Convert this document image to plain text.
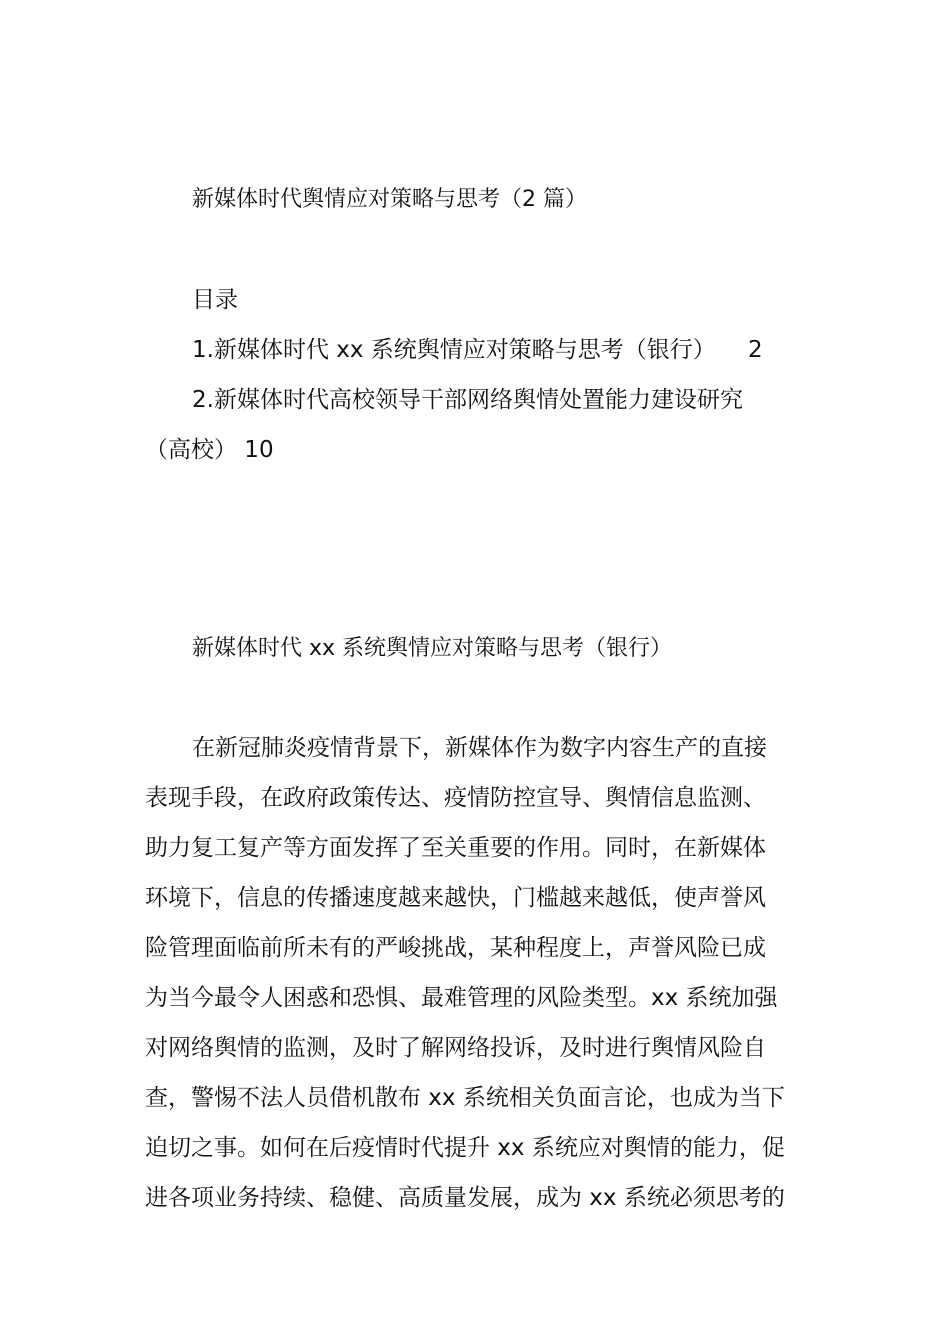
新媒体时代舆情应对策略与思考（2 篇）
目录
1.新媒体时代 xx 系统舆情应对策略与思考（银行） 2
2.新媒体时代高校领导干部网络舆情处置能力建设研究
（高校） 10
新媒体时代 xx 系统舆情应对策略与思考（银行）
在新冠肺炎疫情背景下，新媒体作为数字内容生产的直接
表现手段，在政府政策传达、疫情防控宣导、舆情信息监测、
助力复工复产等方面发挥了至关重要的作用。同时，在新媒体
环境下，信息的传播速度越来越快，门槛越来越低，使声誉风
险管理面临前所未有的严峻挑战，某种程度上，声誉风险已成
为当今最令人困惑和恐惧、最难管理的风险类型。xx 系统加强
对网络舆情的监测，及时了解网络投诉，及时进行舆情风险自
查，警惕不法人员借机散布 xx 系统相关负面言论，也成为当下
迫切之事。如何在后疫情时代提升 xx 系统应对舆情的能力，促
进各项业务持续、稳健、高质量发展，成为 xx 系统必须思考的
